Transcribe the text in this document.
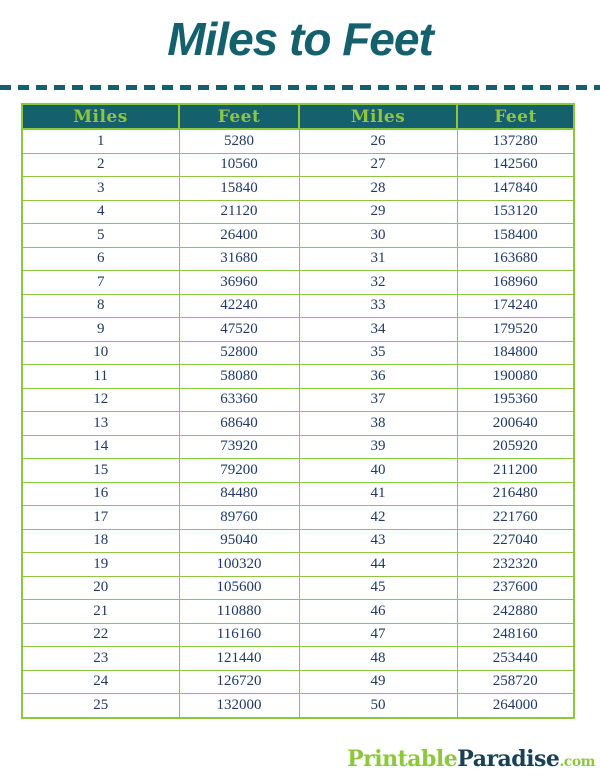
Miles to Feet
Miles	Feet	Miles	Feet
1	5280	26	137280
2	10560	27	142560
3	15840	28	147840
4	21120	29	153120
5	26400	30	158400
6	31680	31	163680
7	36960	32	168960
8	42240	33	174240
9	47520	34	179520
10	52800	35	184800
11	58080	36	190080
12	63360	37	195360
13	68640	38	200640
14	73920	39	205920
15	79200	40	211200
16	84480	41	216480
17	89760	42	221760
18	95040	43	227040
19	100320	44	232320
20	105600	45	237600
21	110880	46	242880
22	116160	47	248160
23	121440	48	253440
24	126720	49	258720
25	132000	50	264000
PrintableParadise.com
